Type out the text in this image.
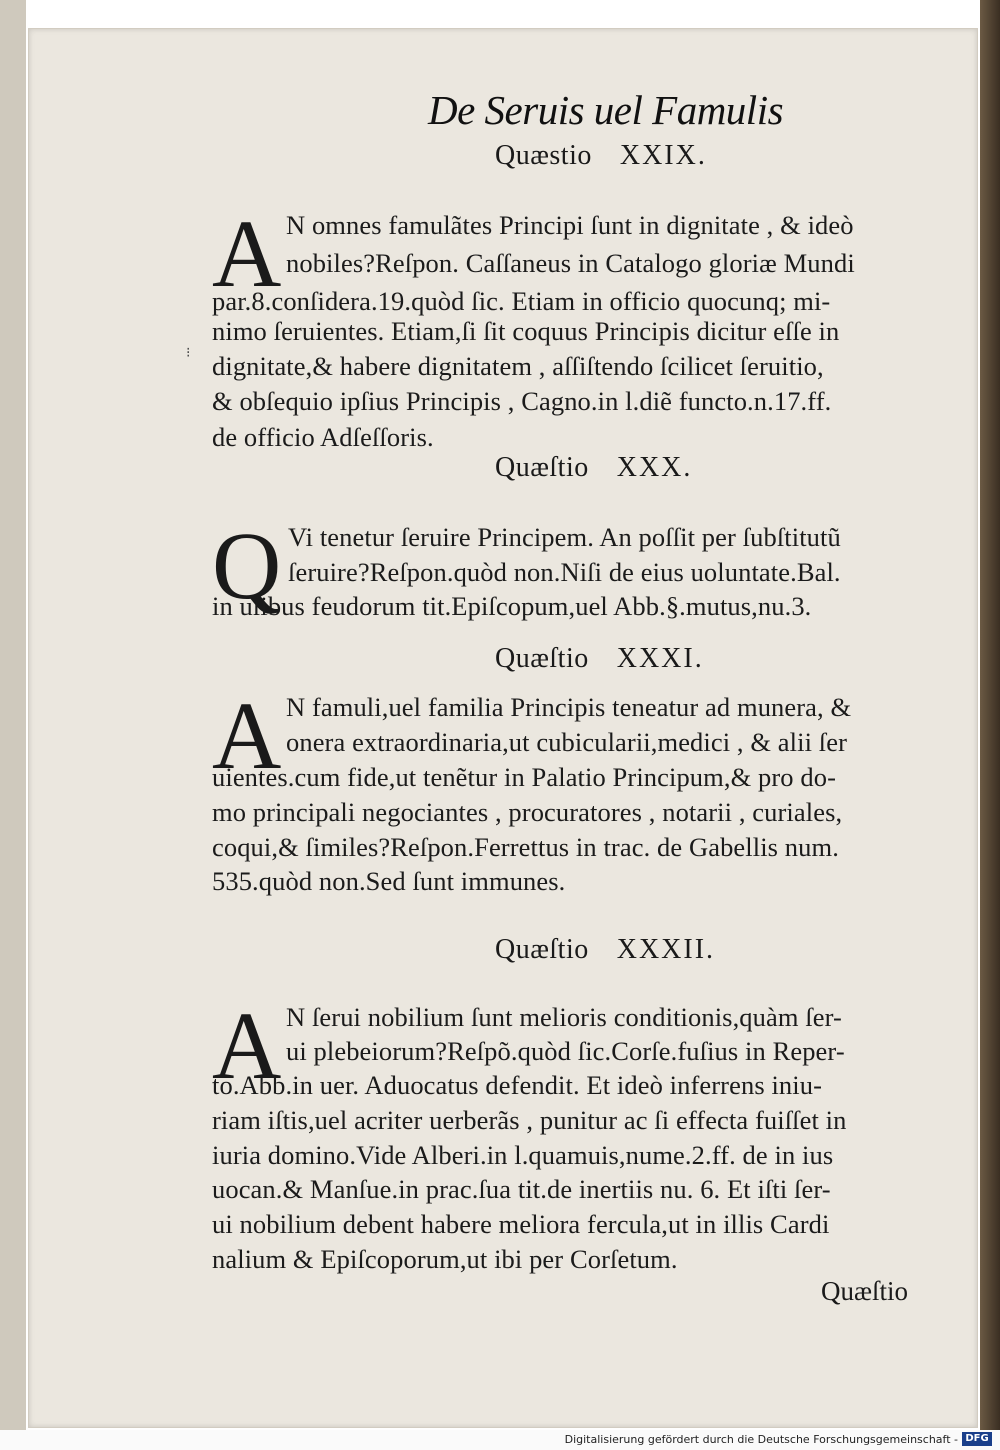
De Seruis uel Famulis
Quæstio XXIX.
A N omnes famulãtes Principi ſunt in dignitate , & ideò
nobiles?Reſpon. Caſſaneus in Catalogo gloriæ Mundi
par.8.conſidera.19.quòd ſic. Etiam in officio quocunq; mi-
nimo ſeruientes. Etiam,ſi ſit coquus Principis dicitur eſſe in
dignitate,& habere dignitatem , aſſiſtendo ſcilicet ſeruitio,
& obſequio ipſius Principis , Cagno.in l.diẽ functo.n.17.ff.
de officio Adſeſſoris.
⁝
Quæſtio XXX.
Q Vi tenetur ſeruire Principem. An poſſit per ſubſtitutũ
ſeruire?Reſpon.quòd non.Niſi de eius uoluntate.Bal.
in uſibus feudorum tit.Epiſcopum,uel Abb.§.mutus,nu.3.
Quæſtio XXXI.
A N famuli,uel familia Principis teneatur ad munera, &
onera extraordinaria,ut cubicularii,medici , & alii ſer
uientes.cum fide,ut tenẽtur in Palatio Principum,& pro do-
mo principali negociantes , procuratores , notarii , curiales,
coqui,& ſimiles?Reſpon.Ferrettus in trac. de Gabellis num.
535.quòd non.Sed ſunt immunes.
Quæſtio XXXII.
A N ſerui nobilium ſunt melioris conditionis,quàm ſer-
ui plebeiorum?Reſpõ.quòd ſic.Corſe.fuſius in Reper-
to.Abb.in uer. Aduocatus defendit. Et ideò inferrens iniu-
riam iſtis,uel acriter uerberãs , punitur ac ſi effecta fuiſſet in
iuria domino.Vide Alberi.in l.quamuis,nume.2.ff. de in ius
uocan.& Manſue.in prac.ſua tit.de inertiis nu. 6. Et iſti ſer-
ui nobilium debent habere meliora fercula,ut in illis Cardi
nalium & Epiſcoporum,ut ibi per Corſetum.
Quæſtio
Digitalisierung gefördert durch die Deutsche Forschungsgemeinschaft - DFG
